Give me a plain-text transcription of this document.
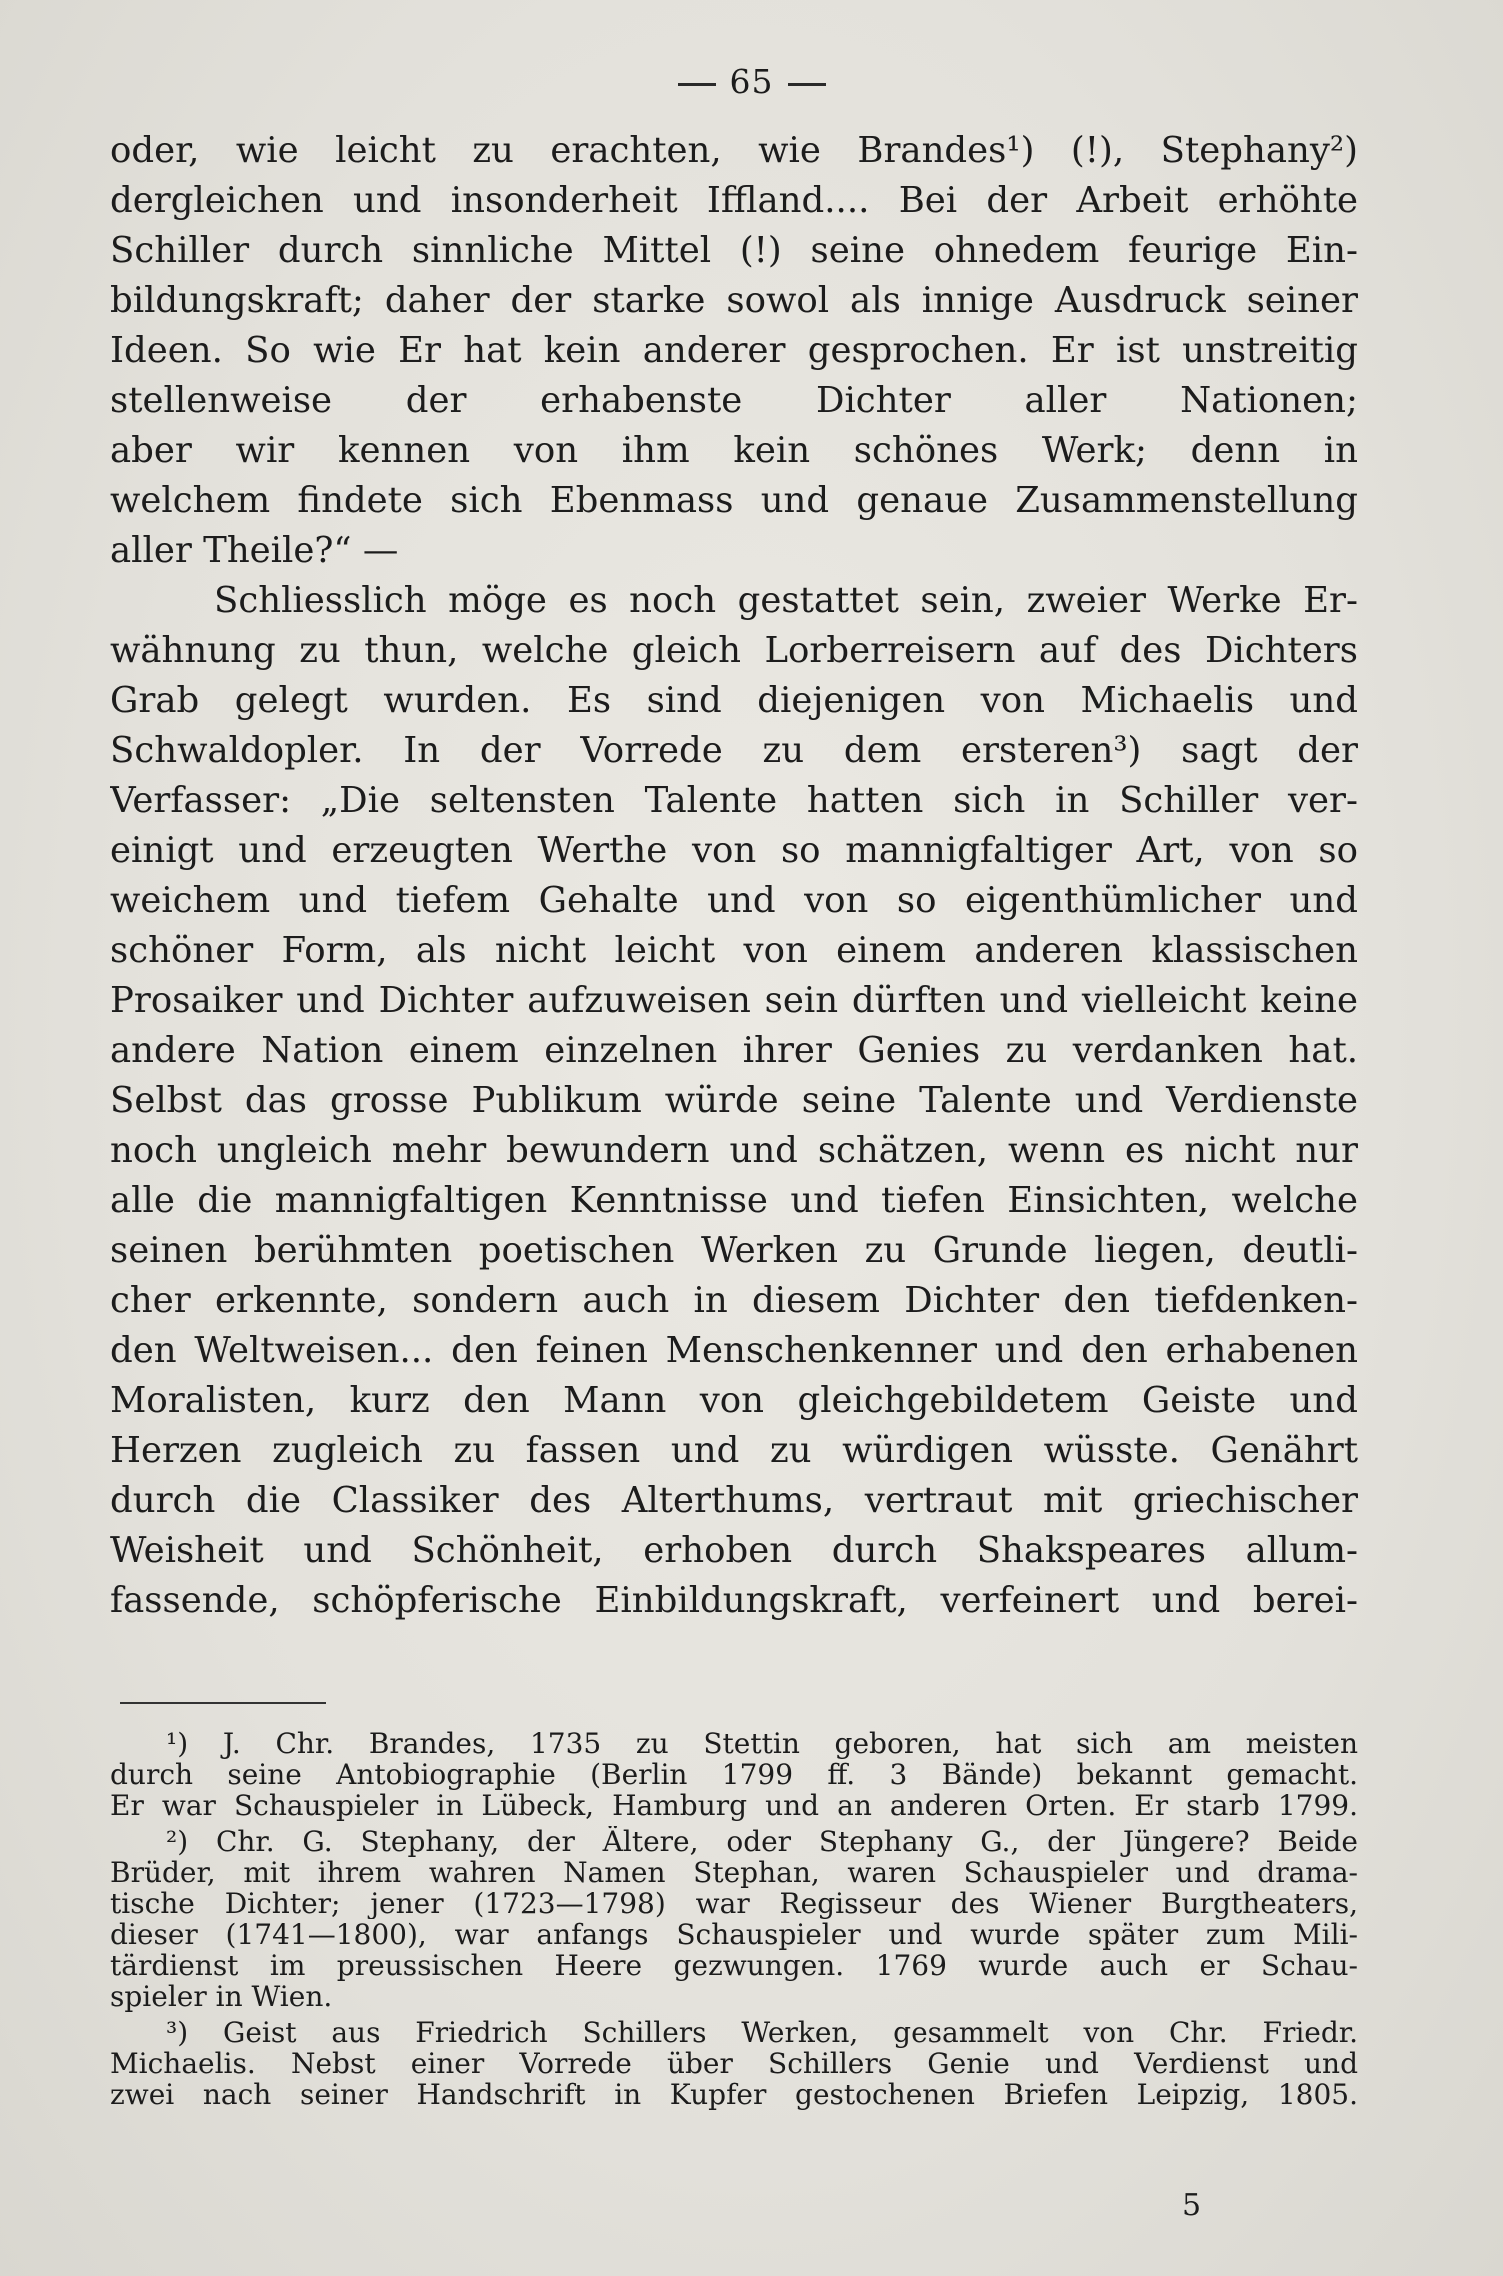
65
oder, wie leicht zu erachten, wie Brandes¹) (!), Stephany²)
dergleichen und insonderheit Iffland.... Bei der Arbeit erhöhte
Schiller durch sinnliche Mittel (!) seine ohnedem feurige Ein-
bildungskraft; daher der starke sowol als innige Ausdruck seiner
Ideen. So wie Er hat kein anderer gesprochen. Er ist unstreitig
stellenweise der erhabenste Dichter aller Nationen;
aber wir kennen von ihm kein schönes Werk; denn in
welchem findete sich Ebenmass und genaue Zusammenstellung
aller Theile?“ —
Schliesslich möge es noch gestattet sein, zweier Werke Er-
wähnung zu thun, welche gleich Lorberreisern auf des Dichters
Grab gelegt wurden. Es sind diejenigen von Michaelis und
Schwaldopler. In der Vorrede zu dem ersteren³) sagt der
Verfasser: „Die seltensten Talente hatten sich in Schiller ver-
einigt und erzeugten Werthe von so mannigfaltiger Art, von so
weichem und tiefem Gehalte und von so eigenthümlicher und
schöner Form, als nicht leicht von einem anderen klassischen
Prosaiker und Dichter aufzuweisen sein dürften und vielleicht keine
andere Nation einem einzelnen ihrer Genies zu verdanken hat.
Selbst das grosse Publikum würde seine Talente und Verdienste
noch ungleich mehr bewundern und schätzen, wenn es nicht nur
alle die mannigfaltigen Kenntnisse und tiefen Einsichten, welche
seinen berühmten poetischen Werken zu Grunde liegen, deutli-
cher erkennte, sondern auch in diesem Dichter den tiefdenken-
den Weltweisen... den feinen Menschenkenner und den erhabenen
Moralisten, kurz den Mann von gleichgebildetem Geiste und
Herzen zugleich zu fassen und zu würdigen wüsste. Genährt
durch die Classiker des Alterthums, vertraut mit griechischer
Weisheit und Schönheit, erhoben durch Shakspeares allum-
fassende, schöpferische Einbildungskraft, verfeinert und berei-
¹) J. Chr. Brandes, 1735 zu Stettin geboren, hat sich am meisten
durch seine Antobiographie (Berlin 1799 ff. 3 Bände) bekannt gemacht.
Er war Schauspieler in Lübeck, Hamburg und an anderen Orten. Er starb 1799.
²) Chr. G. Stephany, der Ältere, oder Stephany G., der Jüngere? Beide
Brüder, mit ihrem wahren Namen Stephan, waren Schauspieler und drama-
tische Dichter; jener (1723—1798) war Regisseur des Wiener Burgtheaters,
dieser (1741—1800), war anfangs Schauspieler und wurde später zum Mili-
tärdienst im preussischen Heere gezwungen. 1769 wurde auch er Schau-
spieler in Wien.
³) Geist aus Friedrich Schillers Werken, gesammelt von Chr. Friedr.
Michaelis. Nebst einer Vorrede über Schillers Genie und Verdienst und
zwei nach seiner Handschrift in Kupfer gestochenen Briefen Leipzig, 1805.
5
